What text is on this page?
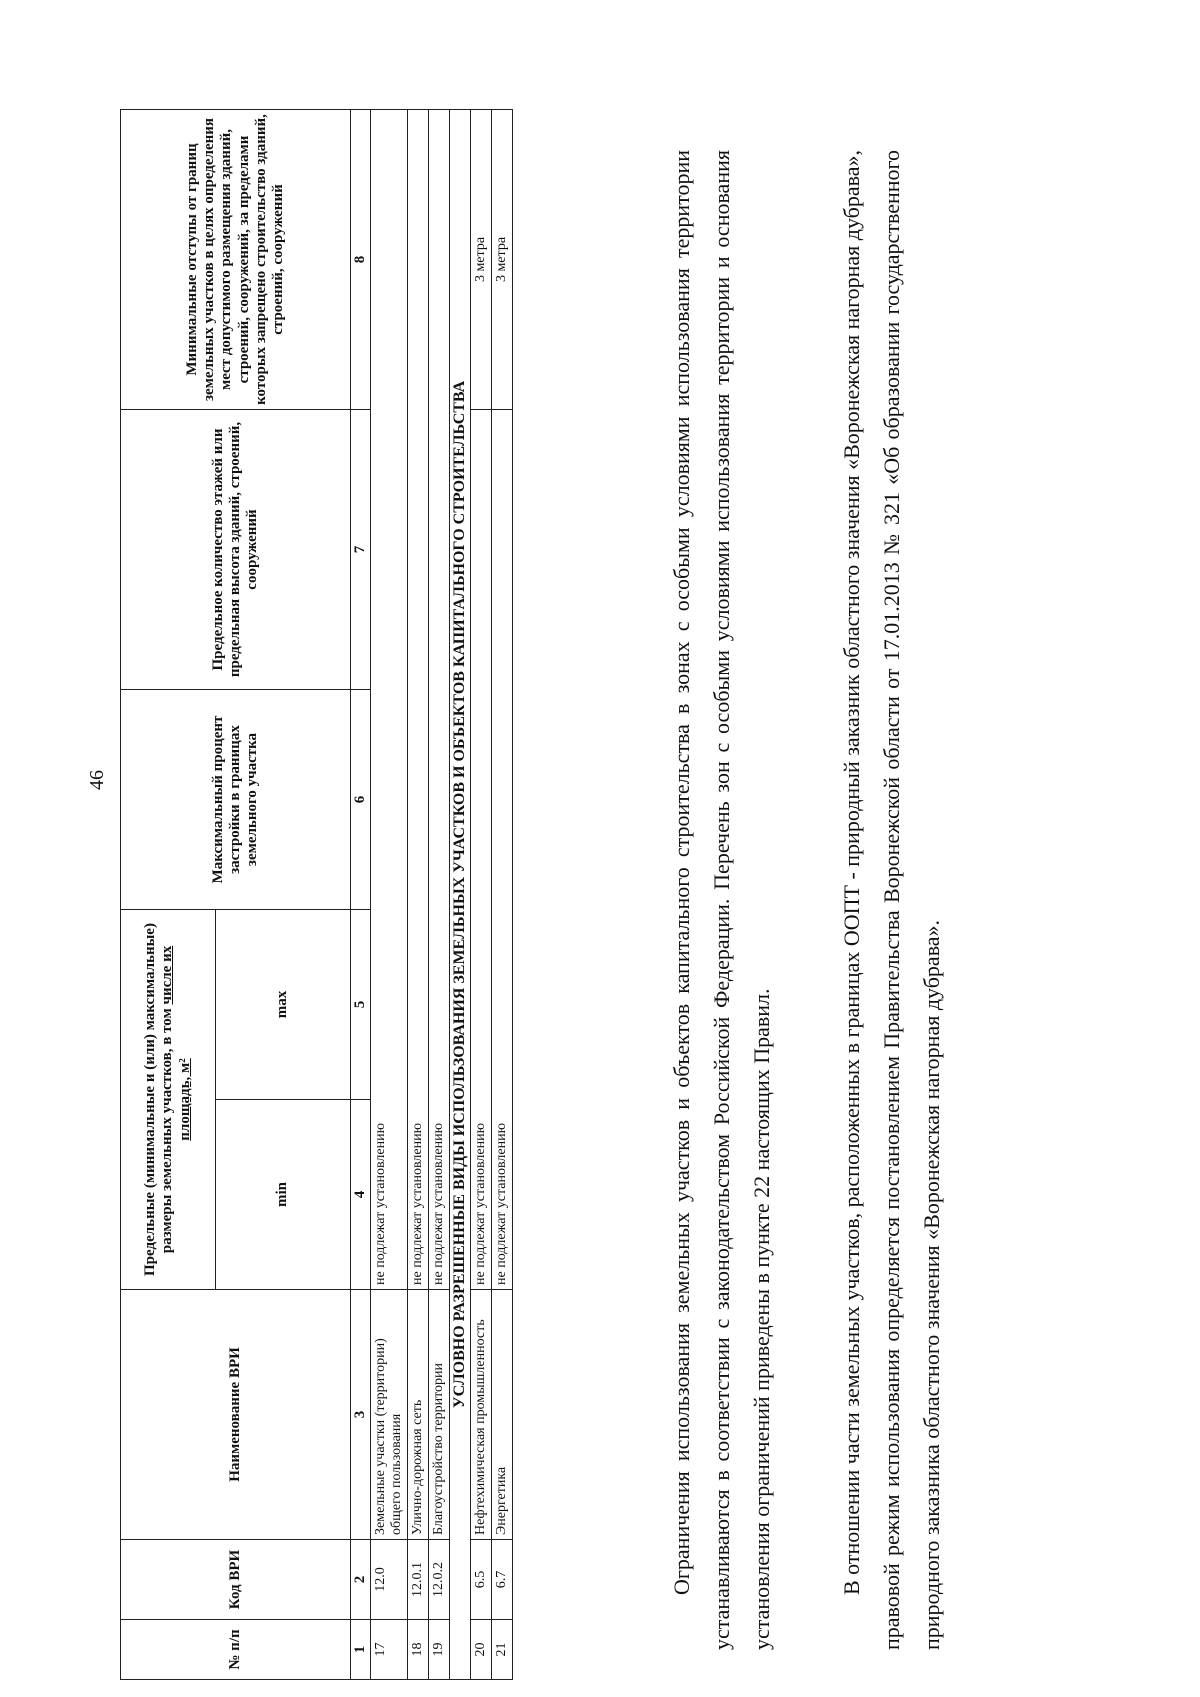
46
№ п/п	Код ВРИ	Наименование ВРИ	Предельные (минимальные и (или) максимальные) размеры земельных участков, в том числе их площадь, м²		Максимальный процент застройки в границах земельного участка	Предельное количество этажей или предельная высота зданий, строений, сооружений	Минимальные отступы от границ земельных участков в целях определения мест допустимого размещения зданий, строений, сооружений, за пределами которых запрещено строительство зданий, строений, сооружений
			min	max			
1	2	3	4	5	6	7	8
17	12.0	Земельные участки (территории) общего пользования	не подлежат установлению				
18	12.0.1	Улично-дорожная сеть	не подлежат установлению				
19	12.0.2	Благоустройство территории	не подлежат установлению				
УСЛОВНО РАЗРЕШЕННЫЕ ВИДЫ ИСПОЛЬЗОВАНИЯ ЗЕМЕЛЬНЫХ УЧАСТКОВ И ОБЪЕКТОВ КАПИТАЛЬНОГО СТРОИТЕЛЬСТВА							
20	6.5	Нефтехимическая промышленность	не подлежат установлению				3 метра
21	6.7	Энергетика	не подлежат установлению				3 метра	Ограничения использования земельных участков и объектов капитального строительства в зонах с особыми условиями использования территории устанавливаются в соответствии с законодательством Российской Федерации. Перечень зон с особыми условиями использования территории и основания установления ограничений приведены в пункте 22 настоящих Правил.	В отношении части земельных участков, расположенных в границах ООПТ - природный заказник областного значения «Воронежская нагорная дубрава», правовой режим использования определяется постановлением Правительства Воронежской области от 17.01.2013 № 321 «Об образовании государственного природного заказника областного значения «Воронежская нагорная дубрава».
